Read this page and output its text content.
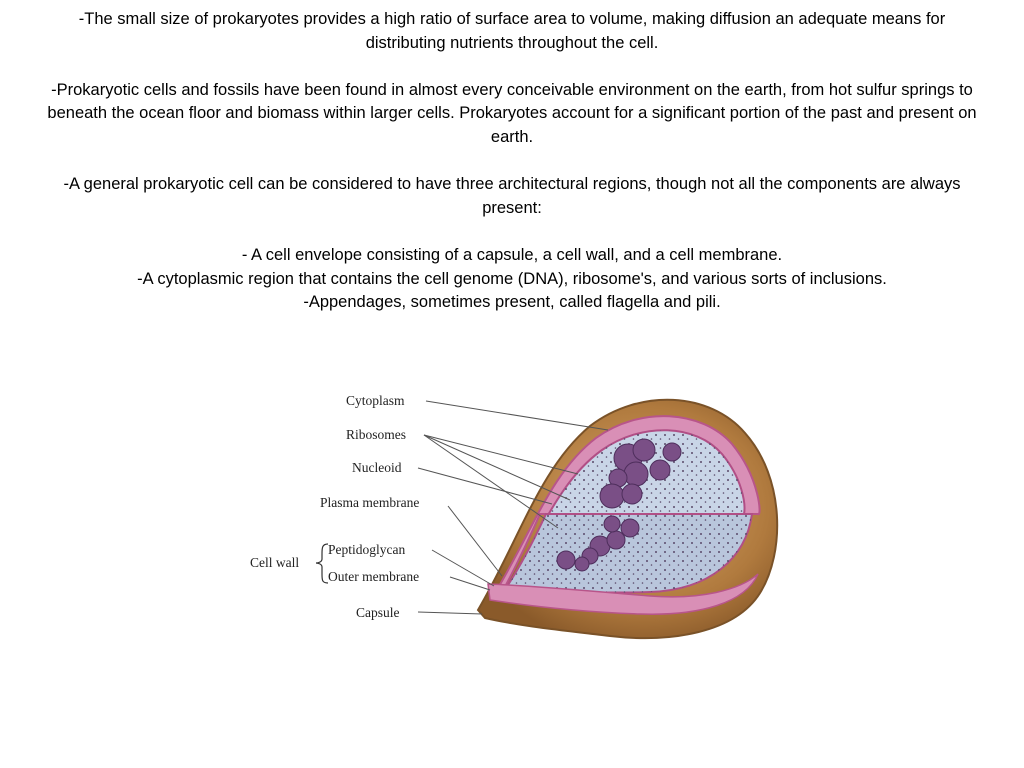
-The small size of prokaryotes provides a high ratio of surface area to volume, making diffusion an adequate means for distributing nutrients throughout the cell.

-Prokaryotic cells and fossils have been found in almost every conceivable environment on the earth, from hot sulfur springs to beneath the ocean floor and biomass within larger cells. Prokaryotes account for a significant portion of the past and present on earth.

-A general prokaryotic cell can be considered to have three architectural regions, though not all the components are always present:

- A cell envelope consisting of a capsule, a cell wall, and a cell membrane.

-A cytoplasmic region that contains the cell genome (DNA), ribosome's, and various sorts of inclusions.

-Appendages, sometimes present, called flagella and pili.

Cytoplasm
Ribosomes
Nucleoid
Plasma membrane
Cell wall
Peptidoglycan
Outer membrane
Capsule
